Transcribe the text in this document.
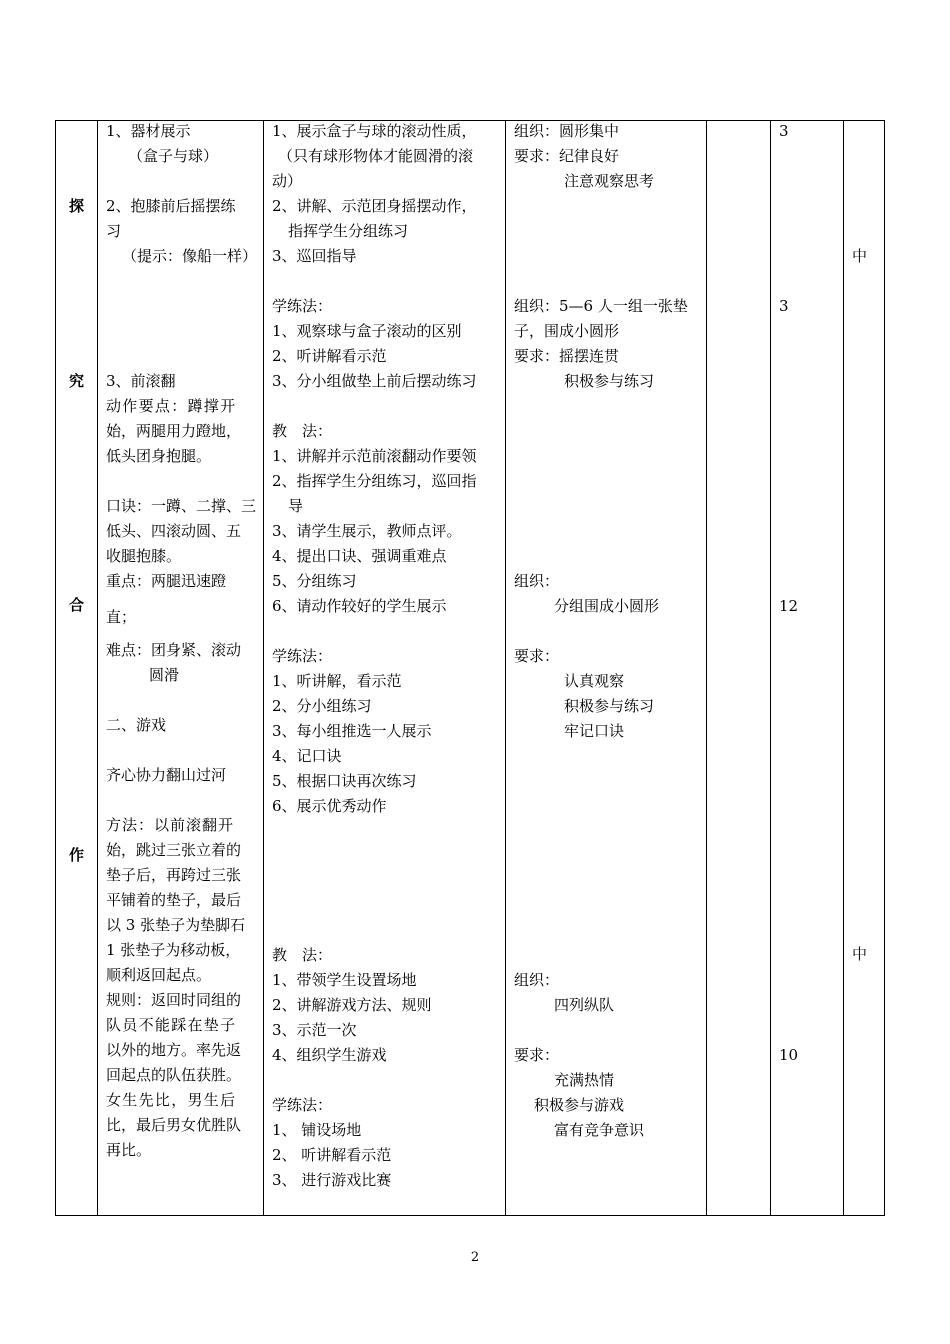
探
究
合
作
1、器材展示
（盒子与球）
2、抱膝前后摇摆练
习
（提示：像船一样）
3、前滚翻
动作要点：蹲撑开
始，两腿用力蹬地，
低头团身抱腿。
口诀：一蹲、二撑、三
低头、四滚动圆、五
收腿抱膝。
重点：两腿迅速蹬
直；
难点：团身紧、滚动
圆滑
二、游戏
齐心协力翻山过河
方法：以前滚翻开
始，跳过三张立着的
垫子后，再跨过三张
平铺着的垫子，最后
以 3 张垫子为垫脚石
1 张垫子为移动板，
顺利返回起点。
规则：返回时同组的
队员不能踩在垫子
以外的地方。率先返
回起点的队伍获胜。
女生先比，男生后
比，最后男女优胜队
再比。
1、展示盒子与球的滚动性质，
（只有球形物体才能圆滑的滚
动）
2、讲解、示范团身摇摆动作，
指挥学生分组练习
3、巡回指导
学练法：
1、观察球与盒子滚动的区别
2、听讲解看示范
3、分小组做垫上前后摆动练习
教　法：
1、讲解并示范前滚翻动作要领
2、指挥学生分组练习，巡回指
导
3、请学生展示，教师点评。
4、提出口诀、强调重难点
5、分组练习
6、请动作较好的学生展示
学练法：
1、听讲解，看示范
2、分小组练习
3、每小组推选一人展示
4、记口诀
5、根据口诀再次练习
6、展示优秀动作
教　法：
1、带领学生设置场地
2、讲解游戏方法、规则
3、示范一次
4、组织学生游戏
学练法：
1、 铺设场地
2、 听讲解看示范
3、 进行游戏比赛
组织：圆形集中
要求：纪律良好
注意观察思考
组织：5—6 人一组一张垫
子，围成小圆形
要求：摇摆连贯
积极参与练习
组织：
分组围成小圆形
要求：
认真观察
积极参与练习
牢记口诀
组织：
四列纵队
要求：
充满热情
积极参与游戏
富有竞争意识
3
3
12
10
中
中
2
